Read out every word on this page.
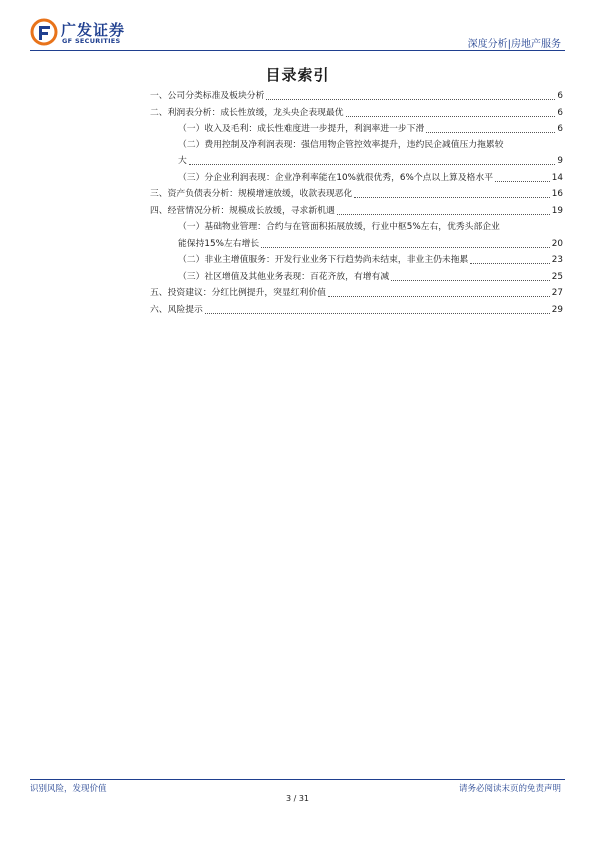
广发证券
GF SECURITIES	深度分析|房地产服务
目录索引
一、公司分类标准及板块分析	6
二、利润表分析：成长性放缓，龙头央企表现最优	6
（一）收入及毛利：成长性难度进一步提升，利润率进一步下滑	6
（二）费用控制及净利润表现：强信用物企管控效率提升，违约民企减值压力拖累较
大	9
（三）分企业利润表现：企业净利率能在10%就很优秀，6%个点以上算及格水平	14
三、资产负债表分析：规模增速放缓，收款表现恶化	16
四、经营情况分析：规模成长放缓，寻求新机遇	19
（一）基础物业管理：合约与在管面积拓展放缓，行业中枢5%左右，优秀头部企业
能保持15%左右增长	20
（二）非业主增值服务：开发行业业务下行趋势尚未结束，非业主仍未拖累	23
（三）社区增值及其他业务表现：百花齐放，有增有减	25
五、投资建议：分红比例提升，突显红利价值	27
六、风险提示	29
识别风险，发现价值	请务必阅读末页的免责声明
3 / 31
